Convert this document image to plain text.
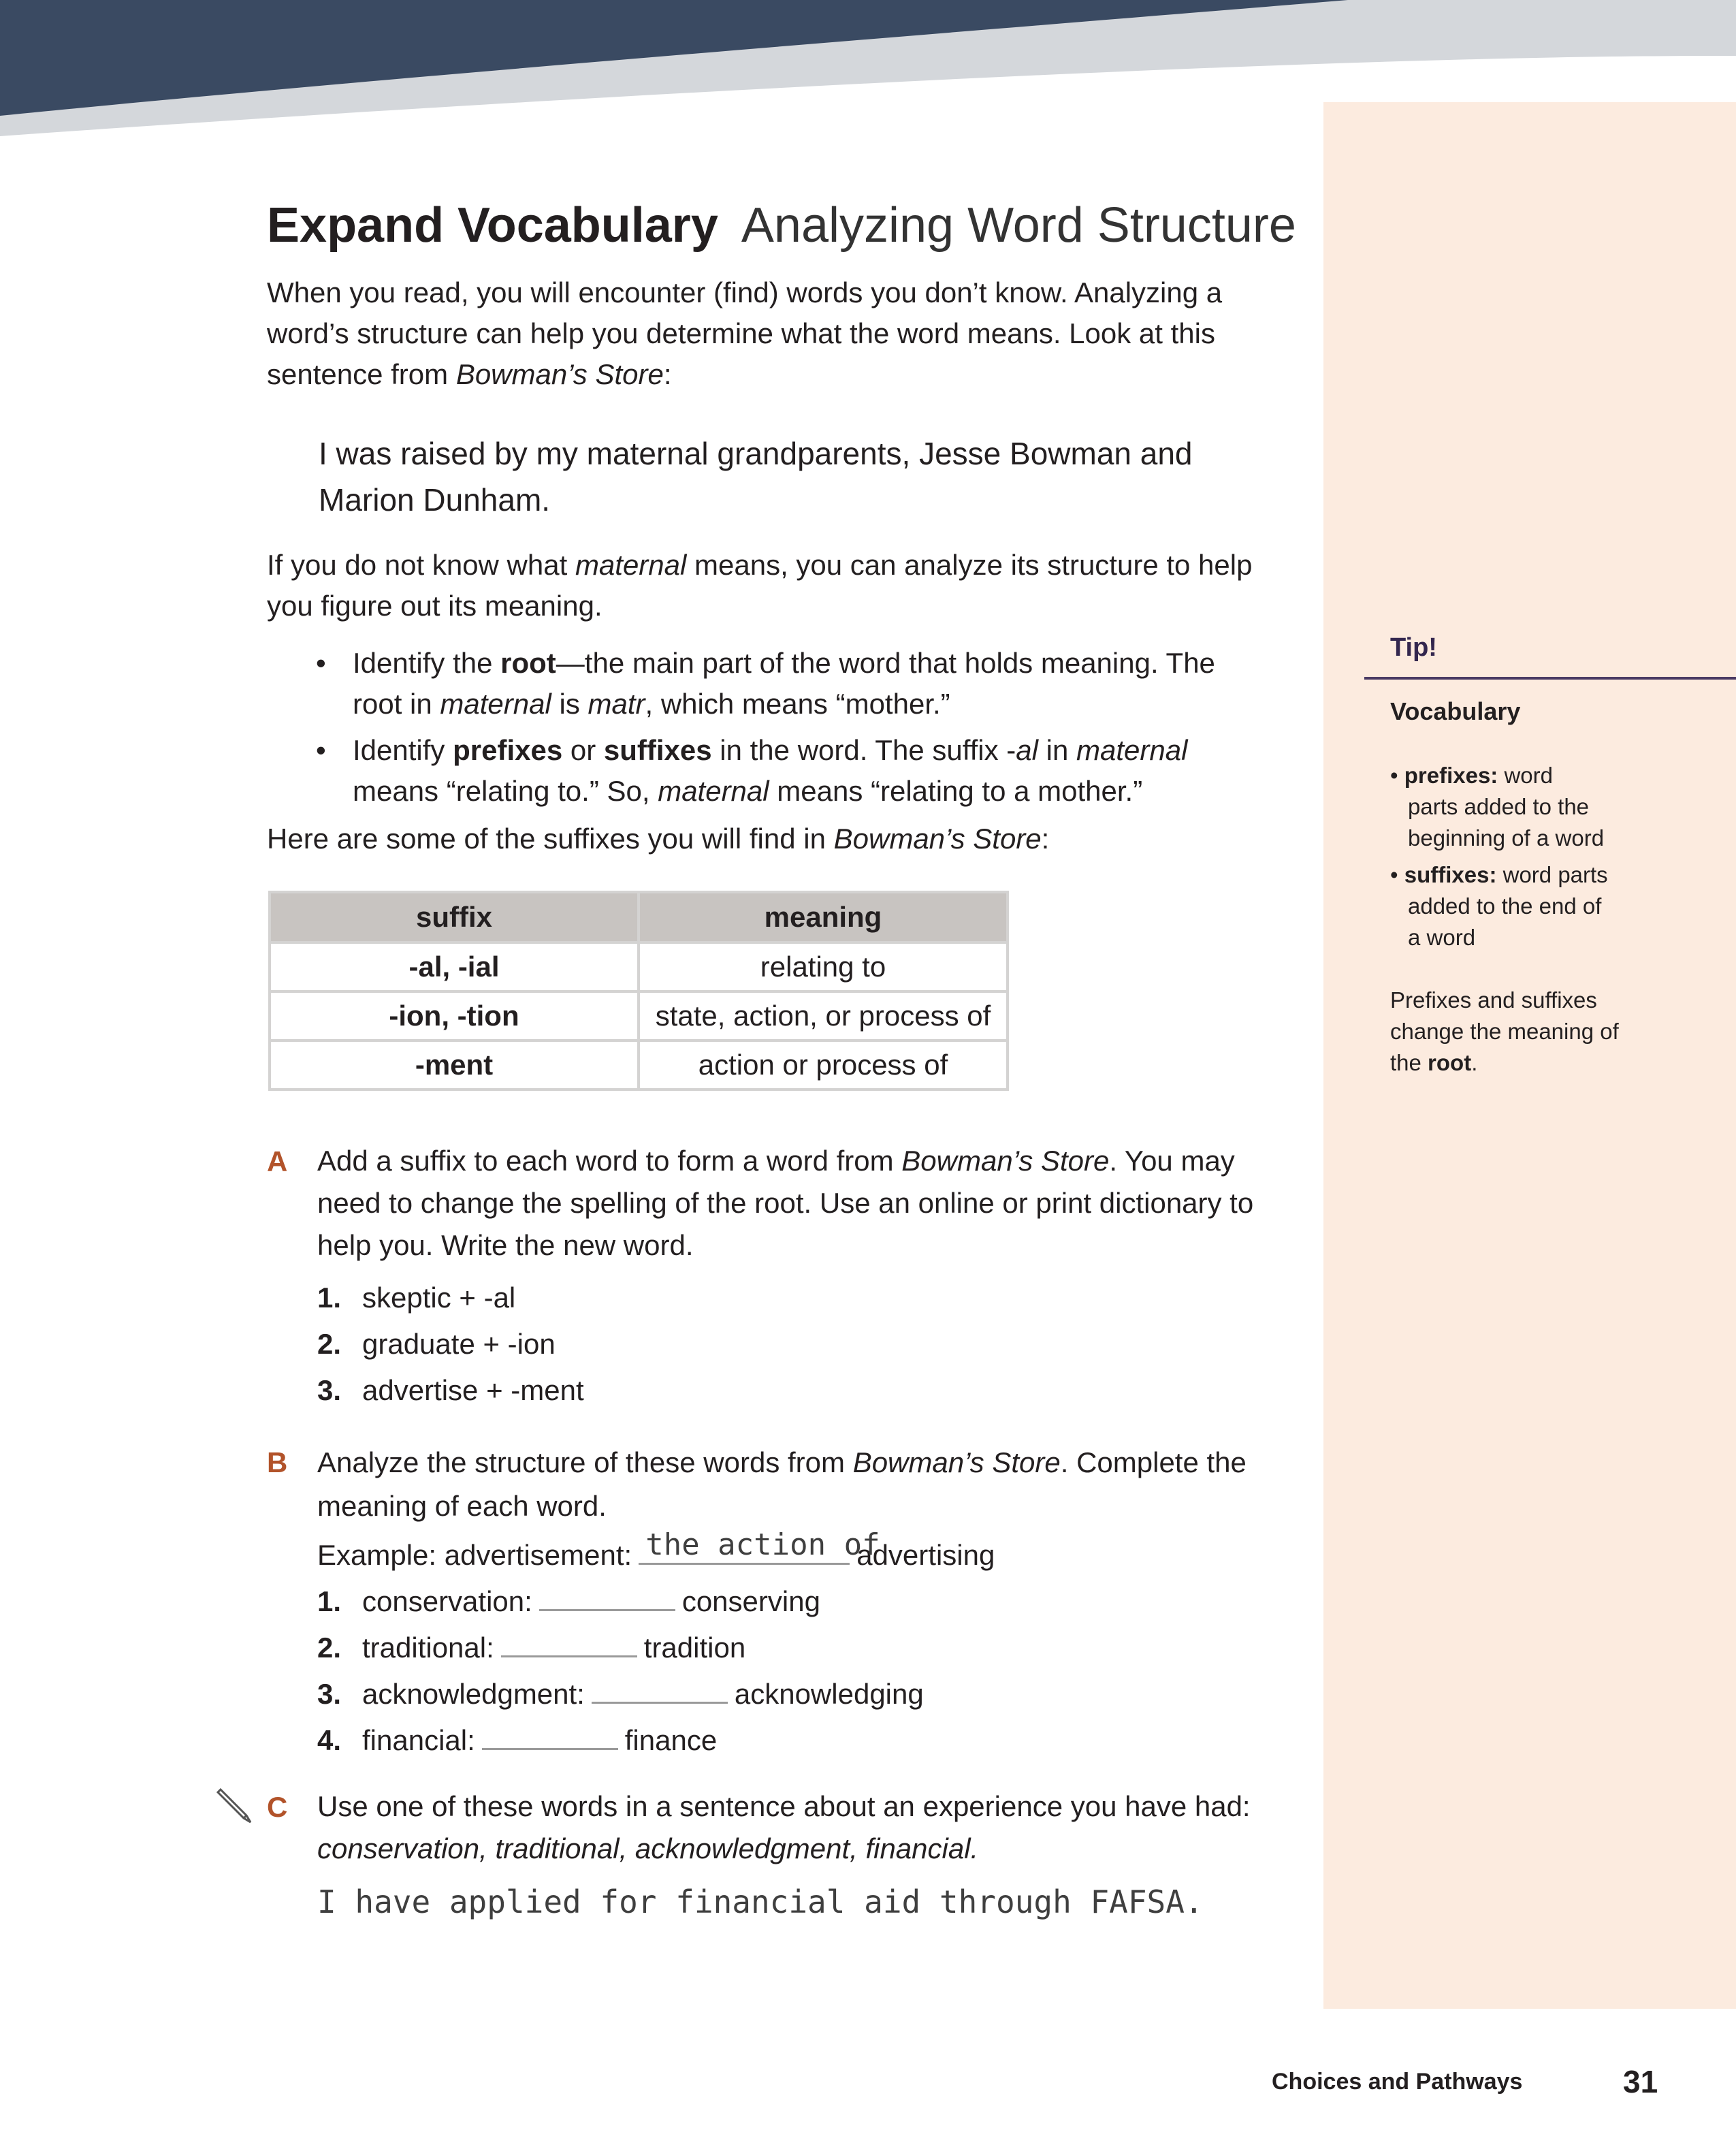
Expand Vocabulary Analyzing Word Structure
When you read, you will encounter (find) words you don’t know. Analyzing a
word’s structure can help you determine what the word means. Look at this
sentence from Bowman’s Store:
I was raised by my maternal grandparents, Jesse Bowman and
Marion Dunham.
If you do not know what maternal means, you can analyze its structure to help
you figure out its meaning.
• Identify the root—the main part of the word that holds meaning. The
root in maternal is matr, which means “mother.”
• Identify prefixes or suffixes in the word. The suffix -al in maternal
means “relating to.” So, maternal means “relating to a mother.”
Here are some of the suffixes you will find in Bowman’s Store:
suffix	meaning
-al, -ial	relating to
-ion, -tion	state, action, or process of
-ment	action or process of
A Add a suffix to each word to form a word from Bowman’s Store. You may
need to change the spelling of the root. Use an online or print dictionary to
help you. Write the new word.
1. skeptic + -al
2. graduate + -ion
3. advertise + -ment
B Analyze the structure of these words from Bowman’s Store. Complete the
meaning of each word.
Example: advertisement: the action of
advertising
1. conservation:	conserving
2. traditional:	tradition
3. acknowledgment:	acknowledging
4. financial:	finance
C Use one of these words in a sentence about an experience you have had:
conservation, traditional, acknowledgment, financial.
I have applied for financial aid through FAFSA.
Tip!
Vocabulary
• prefixes: word
parts added to the
beginning of a word
• suffixes: word parts
added to the end of
a word
Prefixes and suffixes
change the meaning of
the root.
Choices and Pathways	31
